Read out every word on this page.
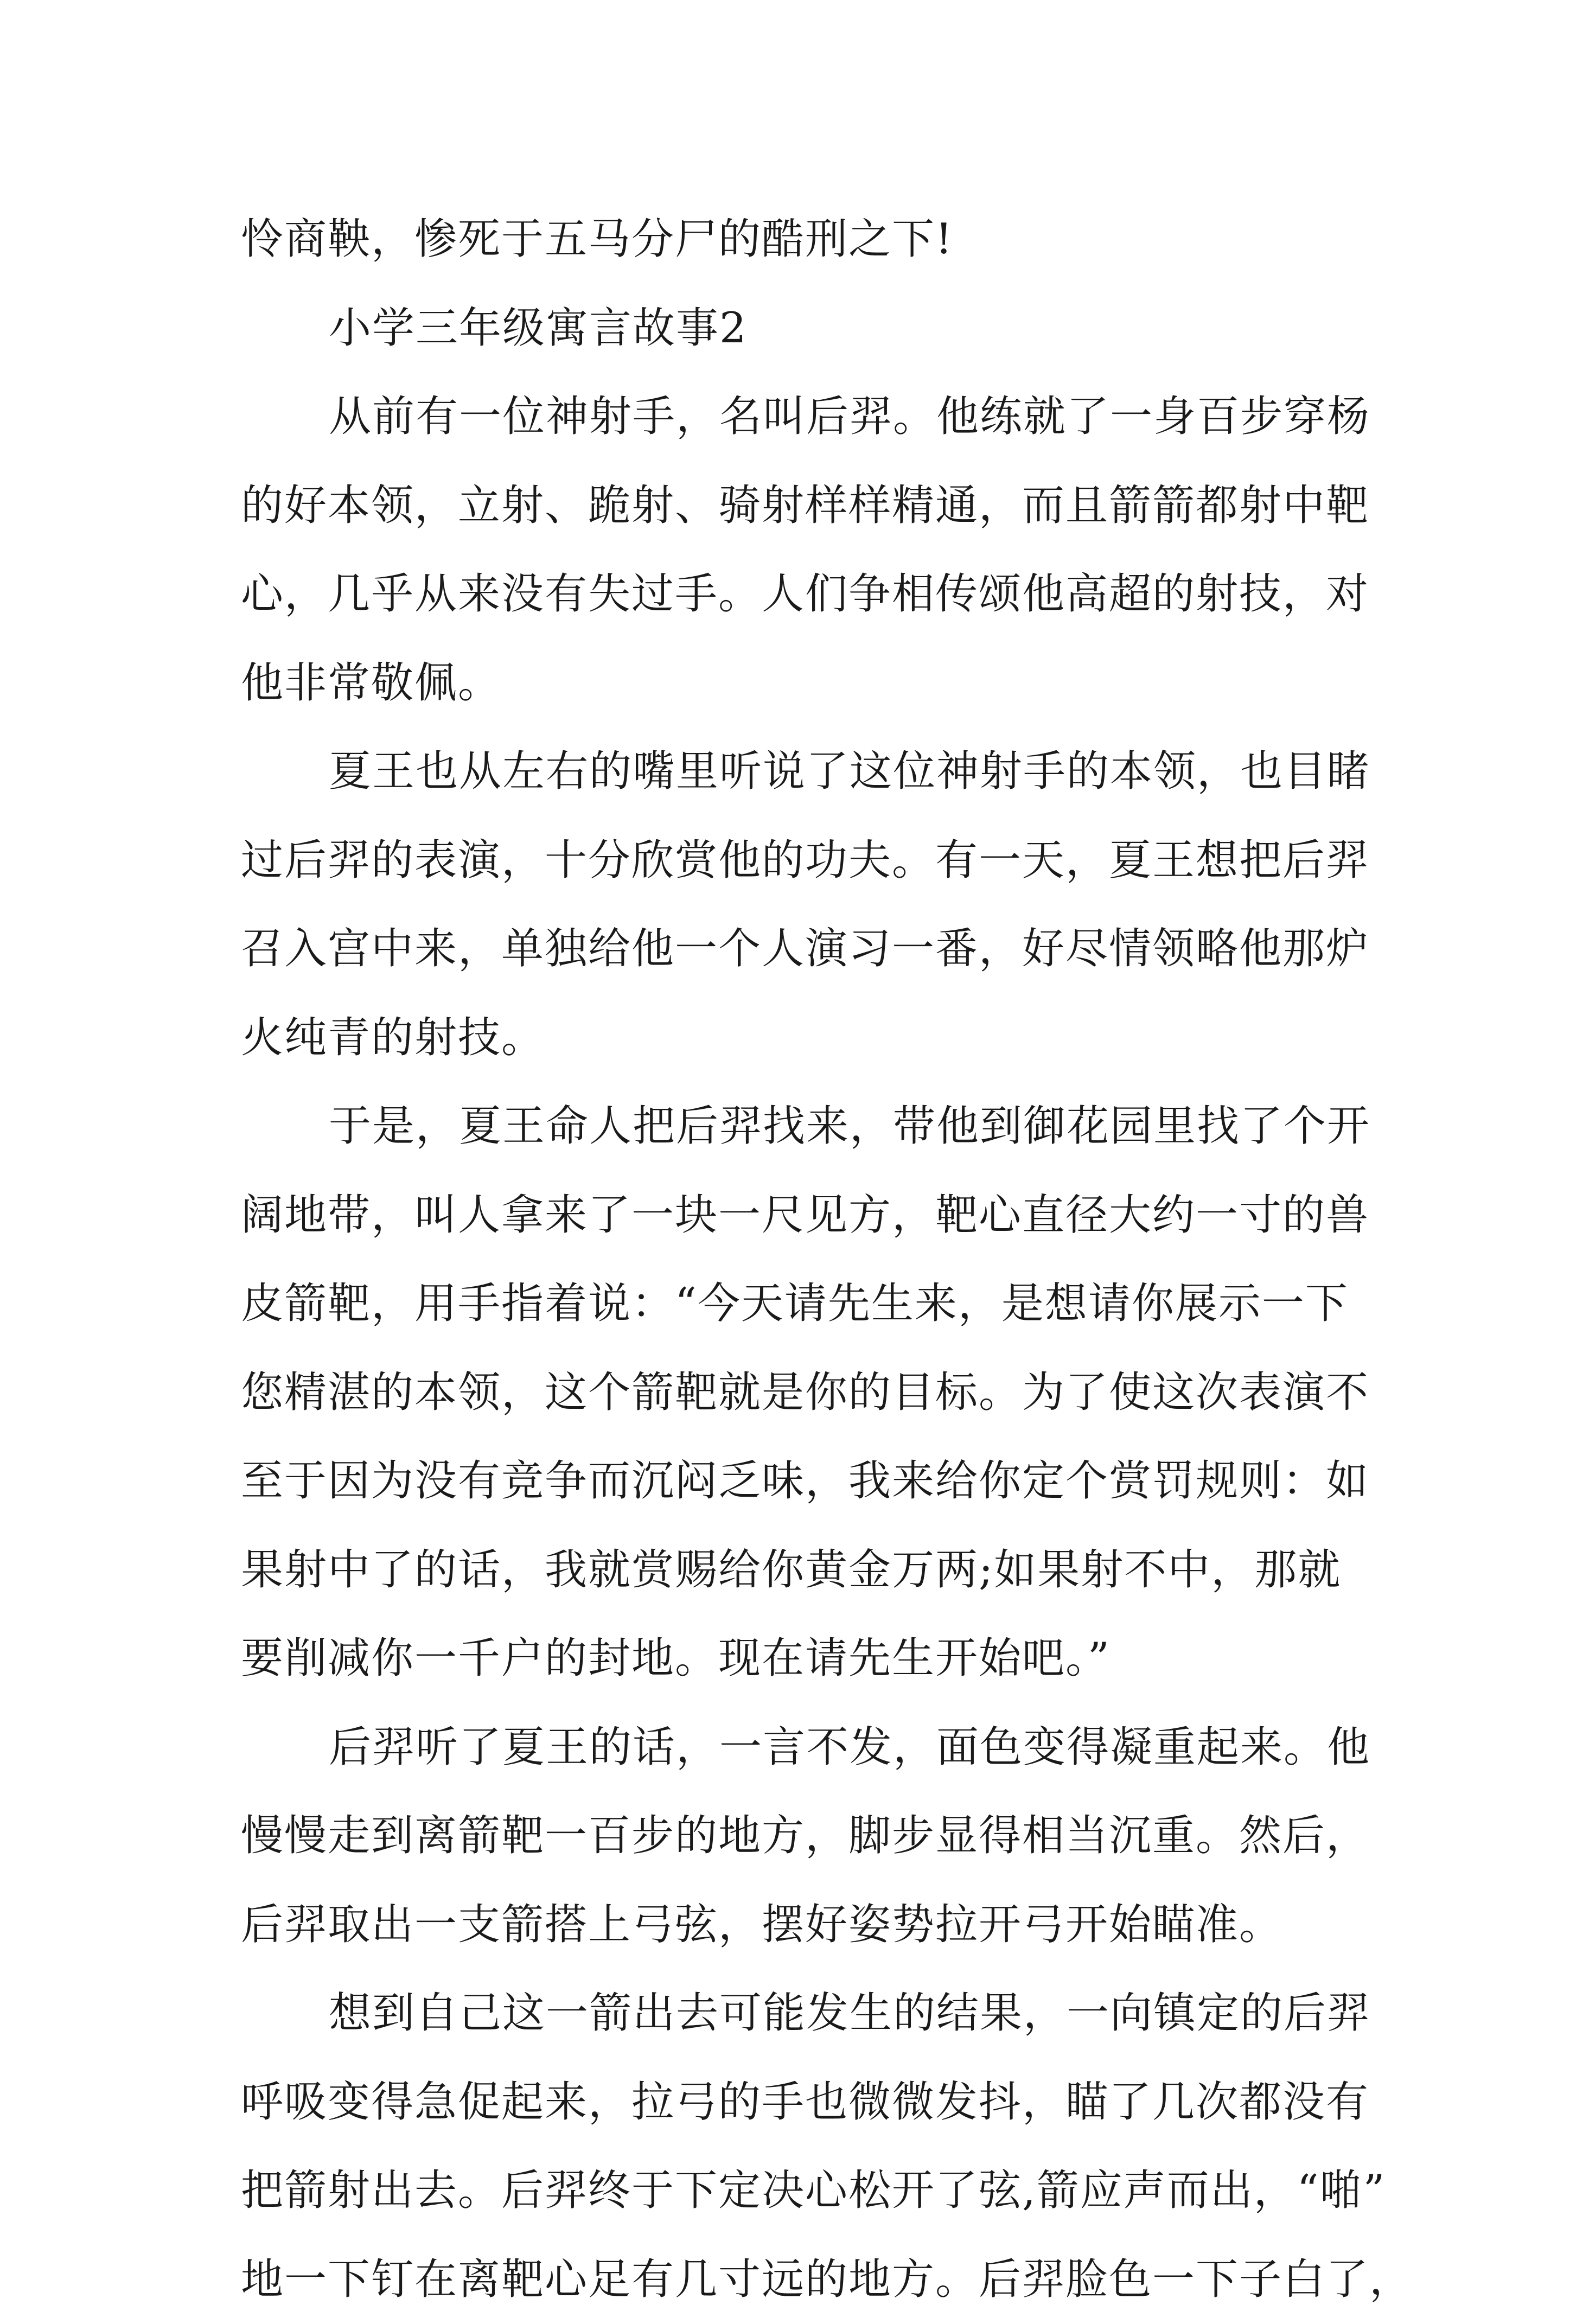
怜商鞅，惨死于五马分尸的酷刑之下!
小学三年级寓言故事2
从前有一位神射手，名叫后羿。他练就了一身百步穿杨
的好本领，立射、跪射、骑射样样精通，而且箭箭都射中靶
心，几乎从来没有失过手。人们争相传颂他高超的射技，对
他非常敬佩。
夏王也从左右的嘴里听说了这位神射手的本领，也目睹
过后羿的表演，十分欣赏他的功夫。有一天，夏王想把后羿
召入宫中来，单独给他一个人演习一番，好尽情领略他那炉
火纯青的射技。
于是，夏王命人把后羿找来，带他到御花园里找了个开
阔地带，叫人拿来了一块一尺见方，靶心直径大约一寸的兽
皮箭靶，用手指着说：“今天请先生来，是想请你展示一下
您精湛的本领，这个箭靶就是你的目标。为了使这次表演不
至于因为没有竞争而沉闷乏味，我来给你定个赏罚规则：如
果射中了的话，我就赏赐给你黄金万两;如果射不中，那就
要削减你一千户的封地。现在请先生开始吧。”
后羿听了夏王的话，一言不发，面色变得凝重起来。他
慢慢走到离箭靶一百步的地方，脚步显得相当沉重。然后，
后羿取出一支箭搭上弓弦，摆好姿势拉开弓开始瞄准。
想到自己这一箭出去可能发生的结果，一向镇定的后羿
呼吸变得急促起来，拉弓的手也微微发抖，瞄了几次都没有
把箭射出去。后羿终于下定决心松开了弦,箭应声而出，“啪”
地一下钉在离靶心足有几寸远的地方。后羿脸色一下子白了，
